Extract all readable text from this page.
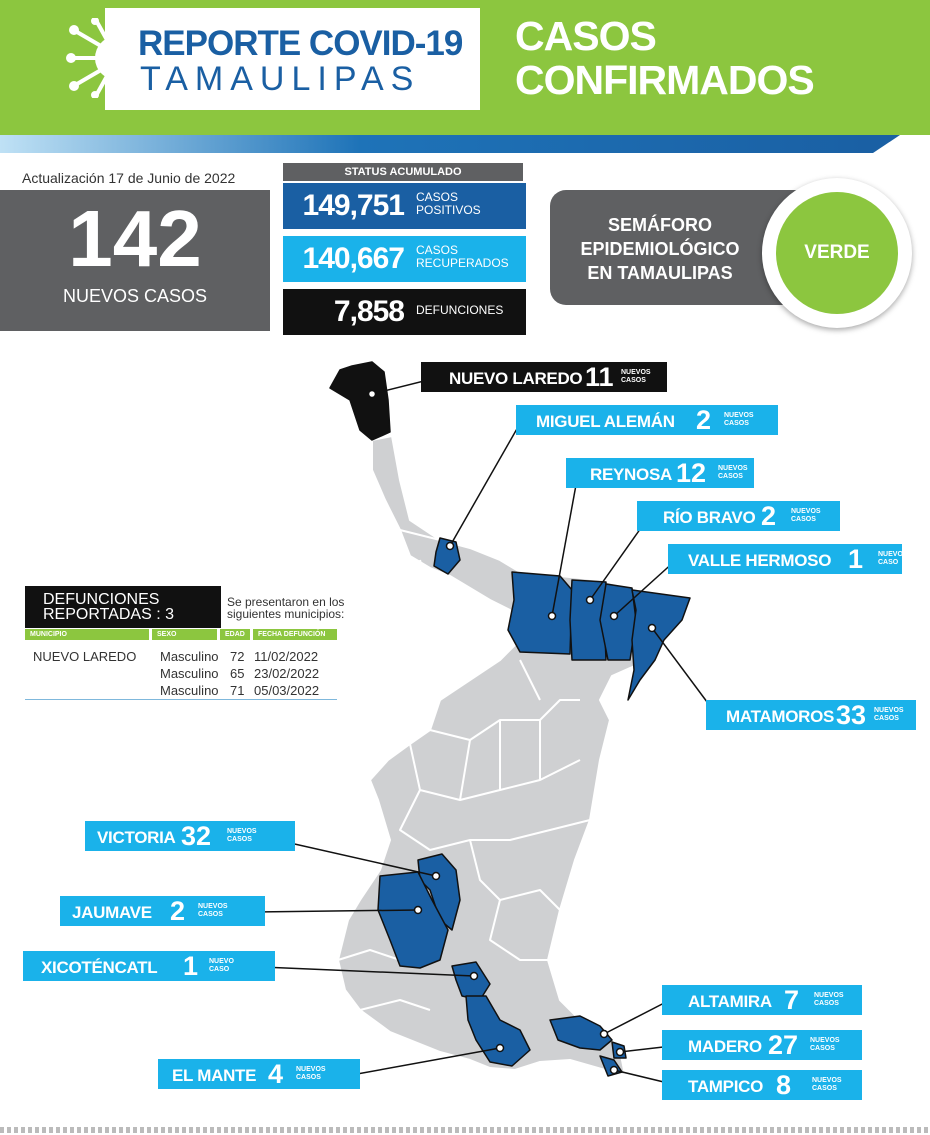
REPORTE COVID-19
TAMAULIPAS
CASOS
CONFIRMADOS
Actualización 17 de Junio de 2022
142
NUEVOS CASOS
STATUS ACUMULADO
149,751 CASOS
POSITIVOS
140,667 CASOS
RECUPERADOS
7,858 DEFUNCIONES
SEMÁFORO
EPIDEMIOLÓGICO
EN TAMAULIPAS
VERDE
NUEVO LAREDO 11 NUEVOS
CASOS
MIGUEL ALEMÁN 2 NUEVOS
CASOS
REYNOSA 12 NUEVOS
CASOS
RÍO BRAVO 2 NUEVOS
CASOS
VALLE HERMOSO 1 NUEVO
CASO
MATAMOROS 33 NUEVOS
CASOS
VICTORIA 32 NUEVOS
CASOS
JAUMAVE 2 NUEVOS
CASOS
XICOTÉNCATL 1 NUEVO
CASO
EL MANTE 4 NUEVOS
CASOS
ALTAMIRA 7 NUEVOS
CASOS
MADERO 27 NUEVOS
CASOS
TAMPICO 8	NUEVOS
CASOS
DEFUNCIONES
REPORTADAS : 3
Se presentaron en los siguientes municipios:
MUNICIPIO	SEXO	EDAD	FECHA DEFUNCIÓN
NUEVO LAREDO Masculino 72 11/02/2022
Masculino 65 23/02/2022
Masculino 71 05/03/2022
